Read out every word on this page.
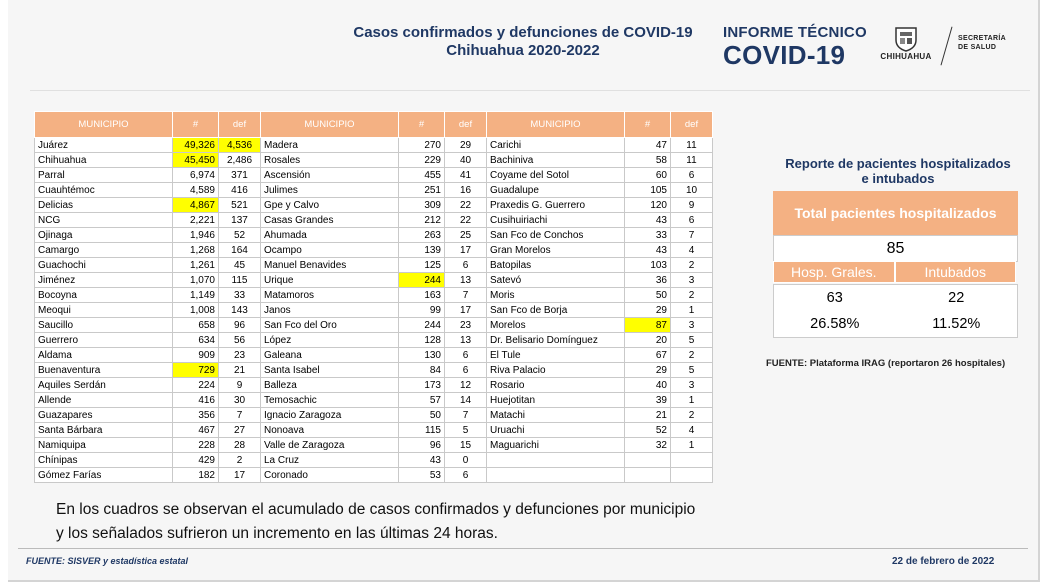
Casos confirmados y defunciones de COVID-19
Chihuahua 2020-2022
INFORME TÉCNICO
COVID-19	CHIHUAHUA
SECRETARÍA
DE SALUD
MUNICIPIO	#	def
Juárez	49,326	4,536
Chihuahua	45,450	2,486
Parral	6,974	371
Cuauhtémoc	4,589	416
Delicias	4,867	521
NCG	2,221	137
Ojinaga	1,946	52
Camargo	1,268	164
Guachochi	1,261	45
Jiménez	1,070	115
Bocoyna	1,149	33
Meoqui	1,008	143
Saucillo	658	96
Guerrero	634	56
Aldama	909	23
Buenaventura	729	21
Aquiles Serdán	224	9
Allende	416	30
Guazapares	356	7
Santa Bárbara	467	27
Namiquipa	228	28
Chínipas	429	2
Gómez Farías	182	17
MUNICIPIO	#	def
Madera	270	29
Rosales	229	40
Ascensión	455	41
Julimes	251	16
Gpe y Calvo	309	22
Casas Grandes	212	22
Ahumada	263	25
Ocampo	139	17
Manuel Benavides	125	6
Urique	244	13
Matamoros	163	7
Janos	99	17
San Fco del Oro	244	23
López	128	13
Galeana	130	6
Santa Isabel	84	6
Balleza	173	12
Temosachic	57	14
Ignacio Zaragoza	50	7
Nonoava	115	5
Valle de Zaragoza	96	15
La Cruz	43	0
Coronado	53	6
MUNICIPIO	#	def
Carichi	47	11
Bachiniva	58	11
Coyame del Sotol	60	6
Guadalupe	105	10
Praxedis G. Guerrero	120	9
Cusihuiriachi	43	6
San Fco de Conchos	33	7
Gran Morelos	43	4
Batopilas	103	2
Satevó	36	3
Moris	50	2
San Fco de Borja	29	1
Morelos	87	3
Dr. Belisario Domínguez	20	5
El Tule	67	2
Riva Palacio	29	5
Rosario	40	3
Huejotitan	39	1
Matachi	21	2
Uruachi	52	4
Maguarichi	32	1

Reporte de pacientes hospitalizados
e intubados
Total pacientes hospitalizados
85
Hosp. Grales.	Intubados
63	22
26.58%	11.52%
FUENTE: Plataforma IRAG (reportaron 26 hospitales)
En los cuadros se observan el acumulado de casos confirmados y defunciones por municipio y los señalados sufrieron un incremento en las últimas 24 horas.
FUENTE: SISVER y estadística estatal	22 de febrero de 2022
